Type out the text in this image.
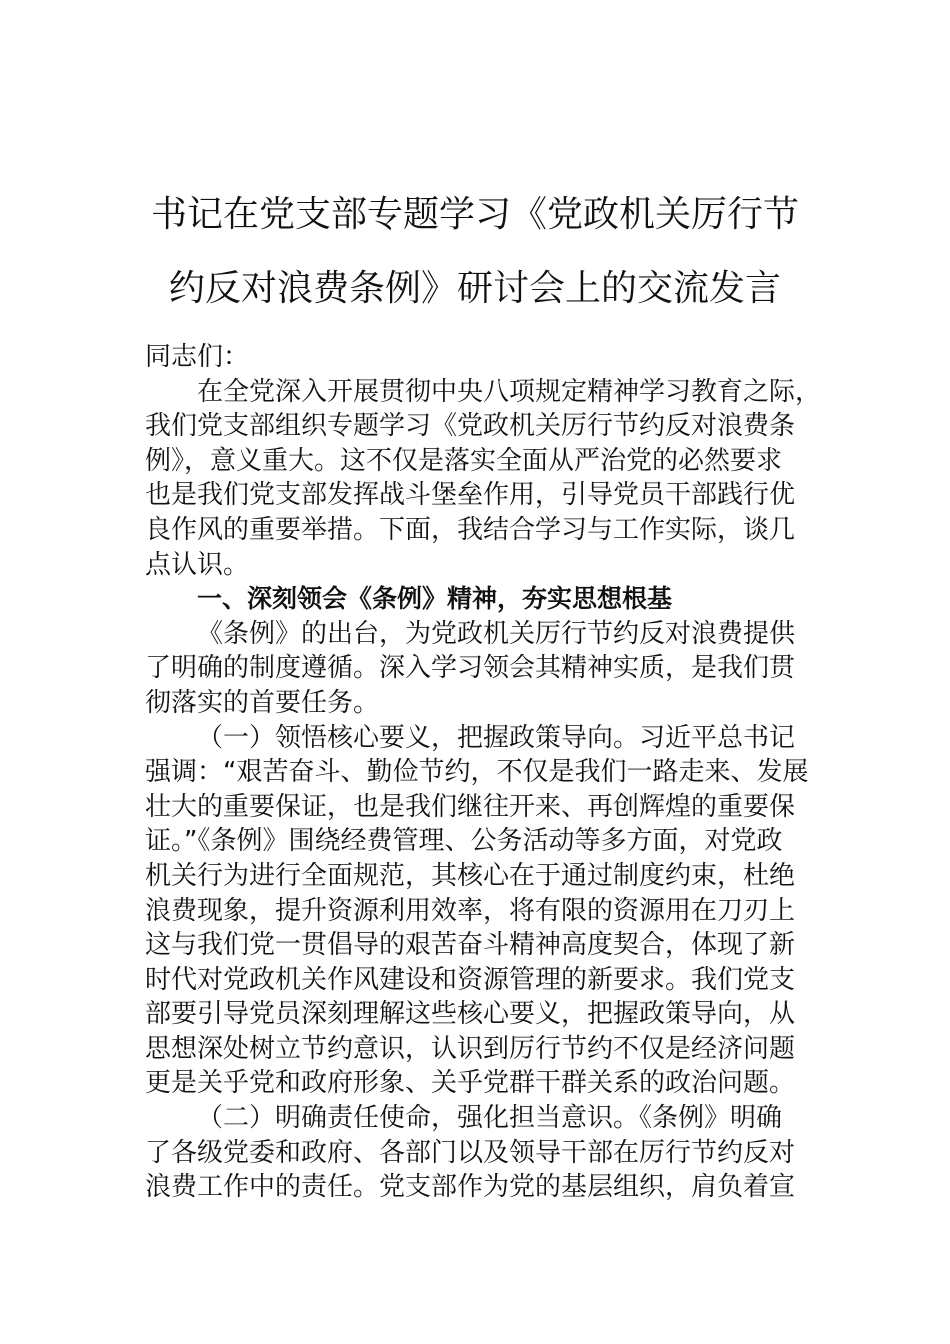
书记在党支部专题学习《党政机关厉行节
约反对浪费条例》研讨会上的交流发言
同志们：
在全党深入开展贯彻中央八项规定精神学习教育之际，
我们党支部组织专题学习《党政机关厉行节约反对浪费条
例》，意义重大。这不仅是落实全面从严治党的必然要求
也是我们党支部发挥战斗堡垒作用，引导党员干部践行优
良作风的重要举措。下面，我结合学习与工作实际，谈几
点认识。
一、深刻领会《条例》精神，夯实思想根基
《条例》的出台，为党政机关厉行节约反对浪费提供
了明确的制度遵循。深入学习领会其精神实质，是我们贯
彻落实的首要任务。
（一）领悟核心要义，把握政策导向。习近平总书记
强调：“艰苦奋斗、勤俭节约，不仅是我们一路走来、发展
壮大的重要保证，也是我们继往开来、再创辉煌的重要保
证。”《条例》围绕经费管理、公务活动等多方面，对党政
机关行为进行全面规范，其核心在于通过制度约束，杜绝
浪费现象，提升资源利用效率，将有限的资源用在刀刃上
这与我们党一贯倡导的艰苦奋斗精神高度契合，体现了新
时代对党政机关作风建设和资源管理的新要求。我们党支
部要引导党员深刻理解这些核心要义，把握政策导向，从
思想深处树立节约意识，认识到厉行节约不仅是经济问题
更是关乎党和政府形象、关乎党群干群关系的政治问题。
（二）明确责任使命，强化担当意识。《条例》明确
了各级党委和政府、各部门以及领导干部在厉行节约反对
浪费工作中的责任。党支部作为党的基层组织，肩负着宣
